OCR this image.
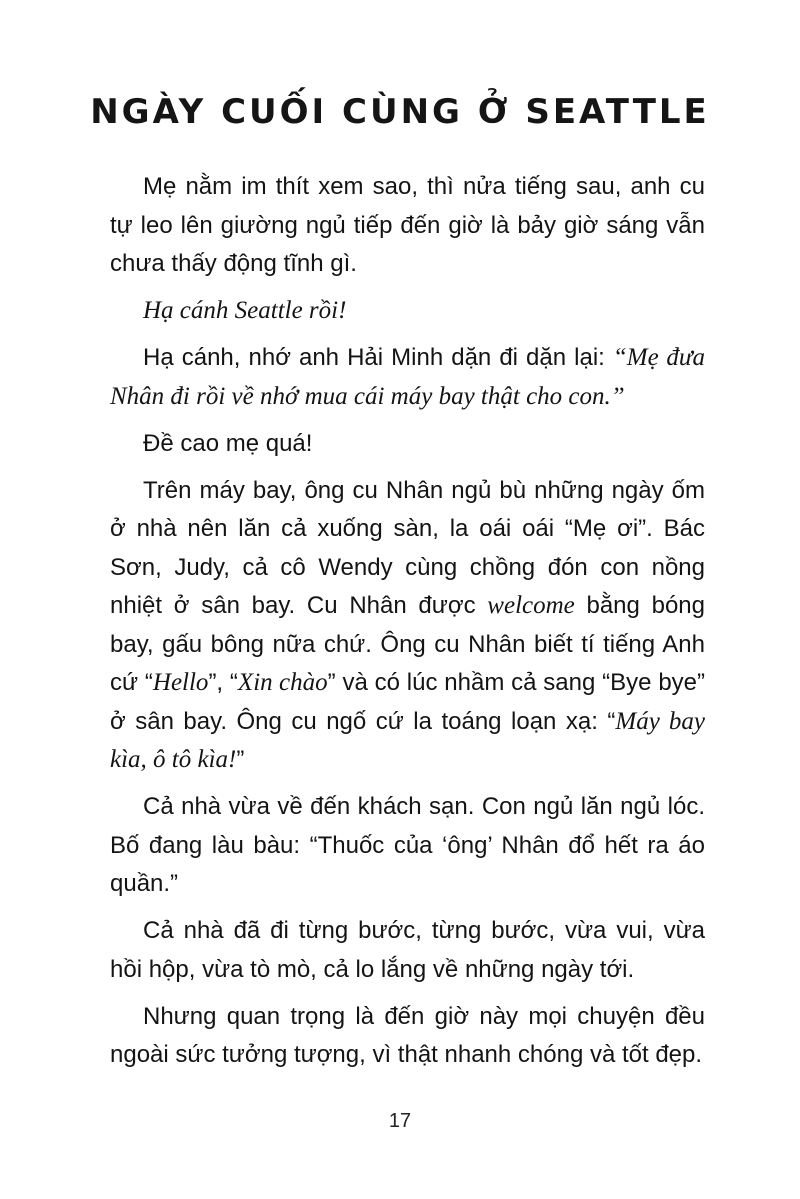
NGÀY CUỐI CÙNG Ở SEATTLE

Mẹ nằm im thít xem sao, thì nửa tiếng sau, anh cu tự leo lên giường ngủ tiếp đến giờ là bảy giờ sáng vẫn chưa thấy động tĩnh gì.

Hạ cánh Seattle rồi!

Hạ cánh, nhớ anh Hải Minh dặn đi dặn lại: “Mẹ đưa Nhân đi rồi về nhớ mua cái máy bay thật cho con.”

Đề cao mẹ quá!

Trên máy bay, ông cu Nhân ngủ bù những ngày ốm ở nhà nên lăn cả xuống sàn, la oái oái “Mẹ ơi”. Bác Sơn, Judy, cả cô Wendy cùng chồng đón con nồng nhiệt ở sân bay. Cu Nhân được welcome bằng bóng bay, gấu bông nữa chứ. Ông cu Nhân biết tí tiếng Anh cứ “Hello”, “Xin chào” và có lúc nhầm cả sang “Bye bye” ở sân bay. Ông cu ngố cứ la toáng loạn xạ: “Máy bay kìa, ô tô kìa!”

Cả nhà vừa về đến khách sạn. Con ngủ lăn ngủ lóc. Bố đang làu bàu: “Thuốc của ‘ông’ Nhân đổ hết ra áo quần.”

Cả nhà đã đi từng bước, từng bước, vừa vui, vừa hồi hộp, vừa tò mò, cả lo lắng về những ngày tới.

Nhưng quan trọng là đến giờ này mọi chuyện đều ngoài sức tưởng tượng, vì thật nhanh chóng và tốt đẹp.

17
